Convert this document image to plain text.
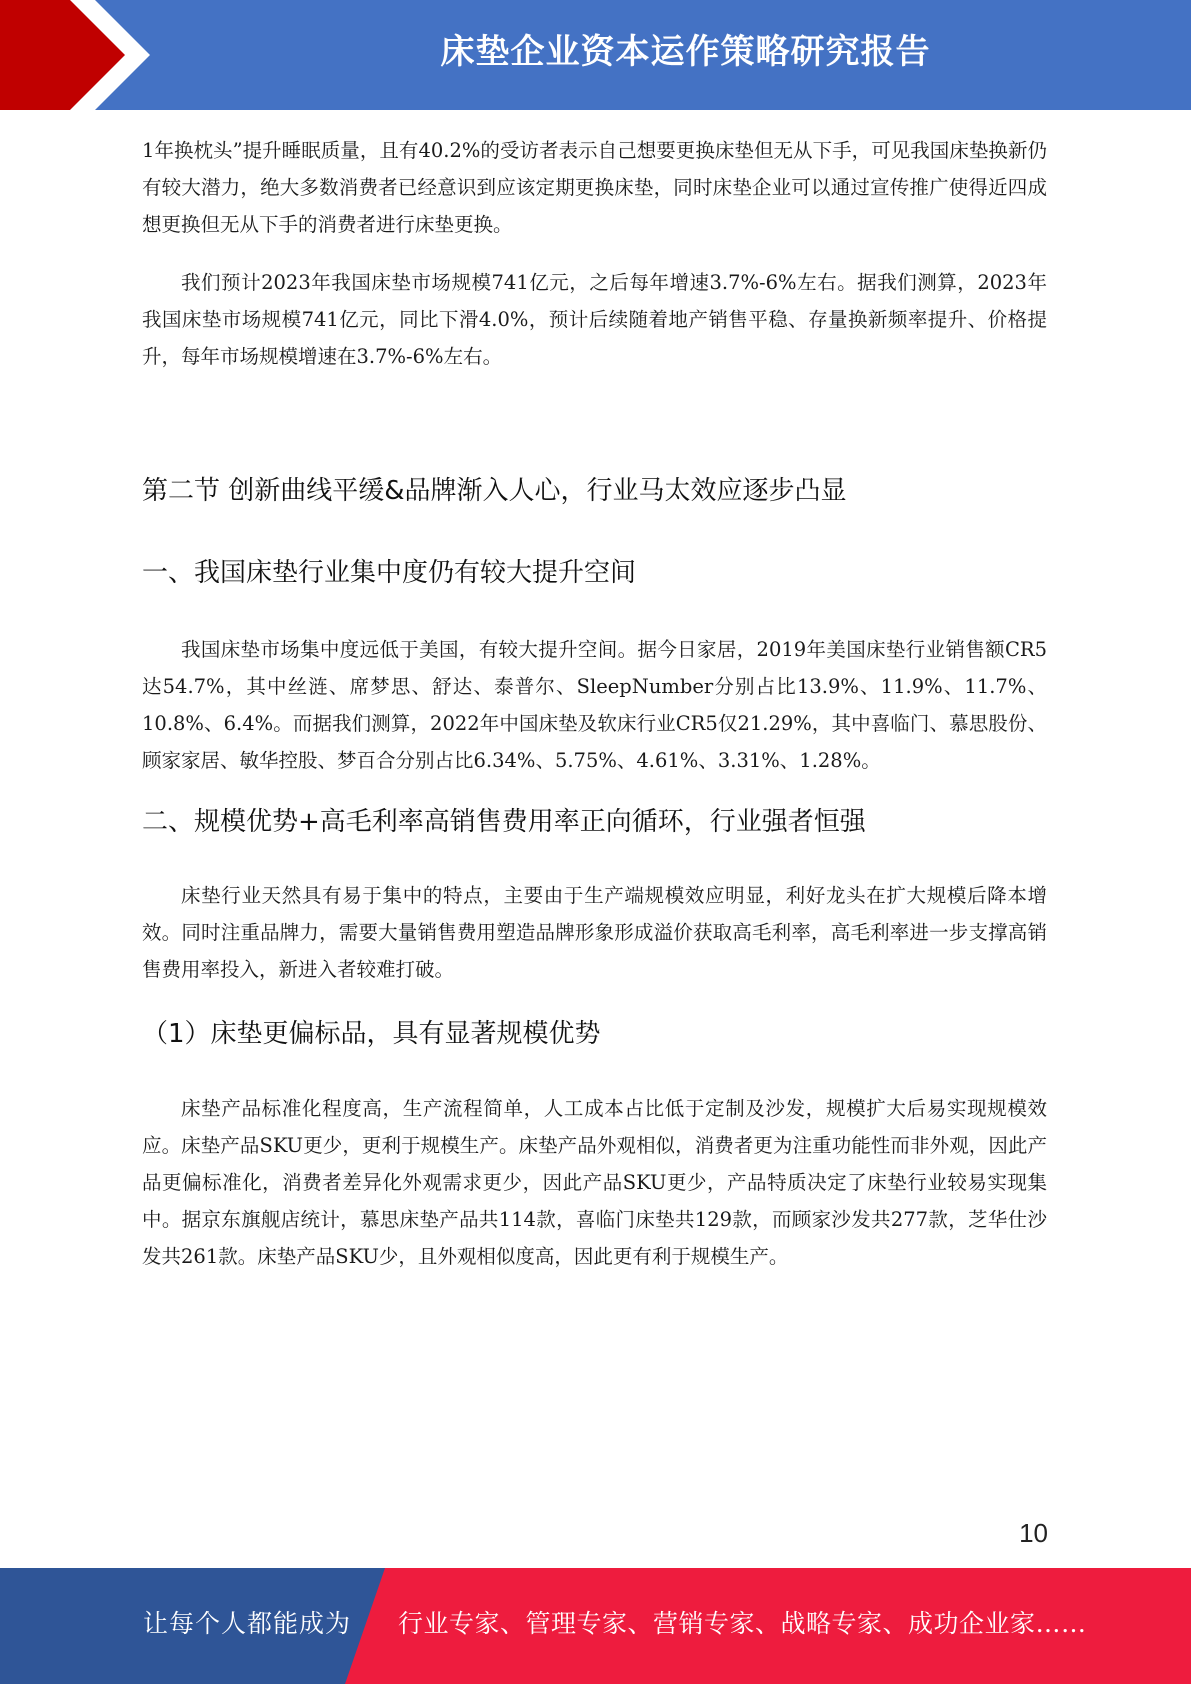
床垫企业资本运作策略研究报告

1年换枕头”提升睡眠质量，且有40.2%的受访者表示自己想要更换床垫但无从下手，可见我国床垫换新仍有较大潜力，绝大多数消费者已经意识到应该定期更换床垫，同时床垫企业可以通过宣传推广使得近四成想更换但无从下手的消费者进行床垫更换。

我们预计2023年我国床垫市场规模741亿元，之后每年增速3.7%-6%左右。据我们测算，2023年我国床垫市场规模741亿元，同比下滑4.0%，预计后续随着地产销售平稳、存量换新频率提升、价格提升，每年市场规模增速在3.7%-6%左右。

第二节 创新曲线平缓&品牌渐入人心，行业马太效应逐步凸显
一、我国床垫行业集中度仍有较大提升空间

我国床垫市场集中度远低于美国，有较大提升空间。据今日家居，2019年美国床垫行业销售额CR5达54.7%，其中丝涟、席梦思、舒达、泰普尔、SleepNumber分别占比13.9%、11.9%、11.7%、10.8%、6.4%。而据我们测算，2022年中国床垫及软床行业CR5仅21.29%，其中喜临门、慕思股份、顾家家居、敏华控股、梦百合分别占比6.34%、5.75%、4.61%、3.31%、1.28%。

二、规模优势+高毛利率高销售费用率正向循环，行业强者恒强

床垫行业天然具有易于集中的特点，主要由于生产端规模效应明显，利好龙头在扩大规模后降本增效。同时注重品牌力，需要大量销售费用塑造品牌形象形成溢价获取高毛利率，高毛利率进一步支撑高销售费用率投入，新进入者较难打破。

（1）床垫更偏标品，具有显著规模优势

床垫产品标准化程度高，生产流程简单，人工成本占比低于定制及沙发，规模扩大后易实现规模效应。床垫产品SKU更少，更利于规模生产。床垫产品外观相似，消费者更为注重功能性而非外观，因此产品更偏标准化，消费者差异化外观需求更少，因此产品SKU更少，产品特质决定了床垫行业较易实现集中。据京东旗舰店统计，慕思床垫产品共114款，喜临门床垫共129款，而顾家沙发共277款，芝华仕沙发共261款。床垫产品SKU少，且外观相似度高，因此更有利于规模生产。

10
让每个人都能成为 行业专家、管理专家、营销专家、战略专家、成功企业家……
